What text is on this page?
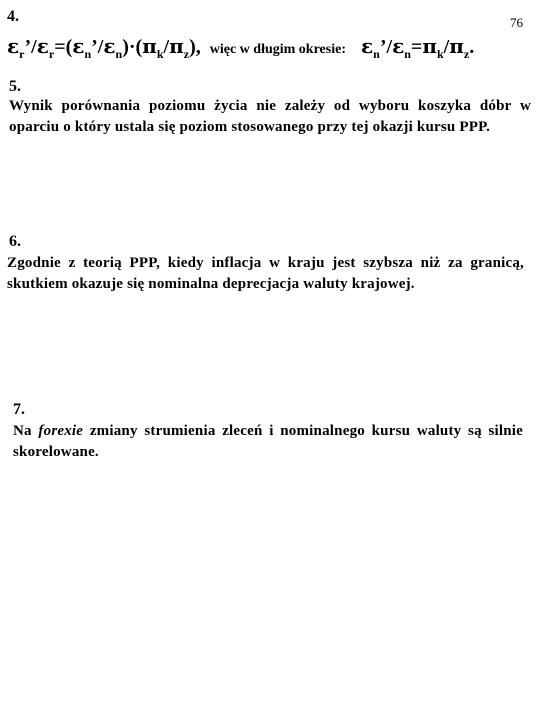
4.	76
$\varepsilon_r’/\varepsilon_r=(\varepsilon_n’/\varepsilon_n)\cdot(\pi_k/\pi_z)$, więc w długim okresie: $\varepsilon_n’/\varepsilon_n=\pi_k/\pi_z$.
5.
Wynik porównania poziomu życia nie zależy od wyboru koszyka dóbr w oparciu o który ustala się poziom stosowanego przy tej okazji kursu PPP.
6.
Zgodnie z teorią PPP, kiedy inflacja w kraju jest szybsza niż za granicą, skutkiem okazuje się nominalna deprecjacja waluty krajowej.
7.
Na forexie zmiany strumienia zleceń i nominalnego kursu waluty są silnie skorelowane.
